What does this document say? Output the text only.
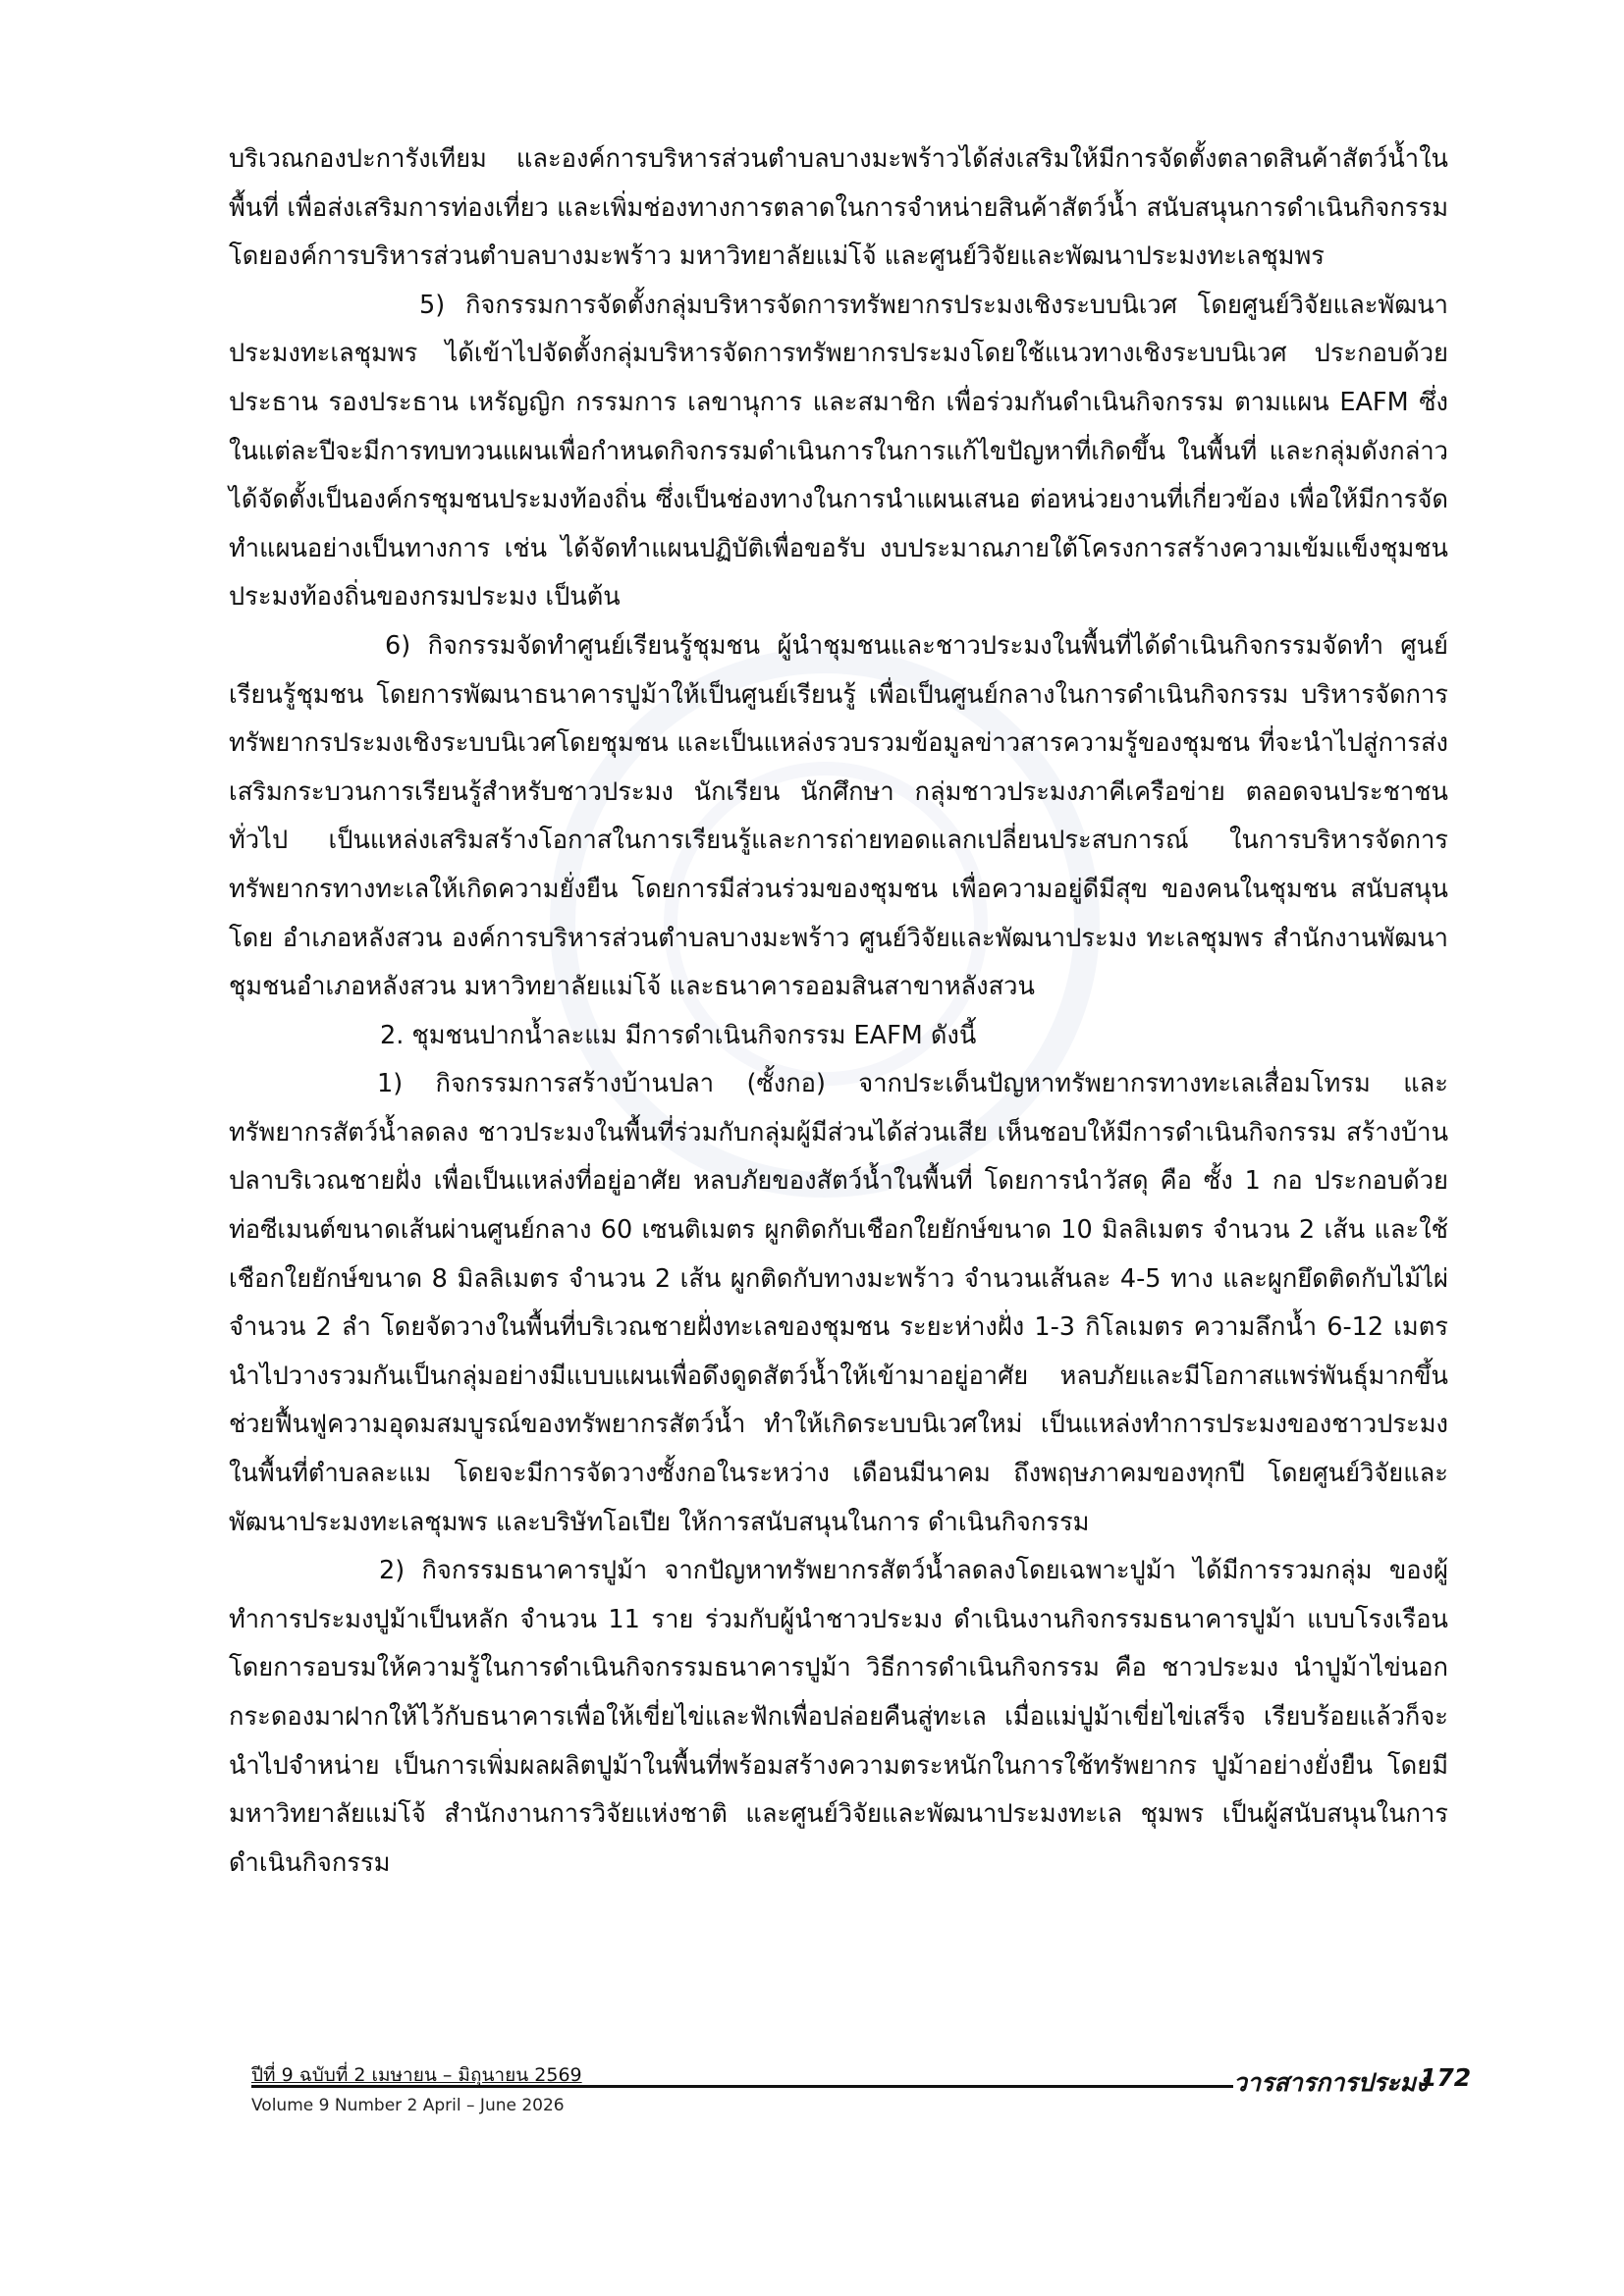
บริเวณกองปะการังเทียม และองค์การบริหารส่วนตำบลบางมะพร้าวได้ส่งเสริมให้มีการจัดตั้งตลาดสินค้าสัตว์น้ำในพื้นที่ เพื่อส่งเสริมการท่องเที่ยว และเพิ่มช่องทางการตลาดในการจำหน่ายสินค้าสัตว์น้ำ สนับสนุนการดำเนินกิจกรรมโดยองค์การบริหารส่วนตำบลบางมะพร้าว มหาวิทยาลัยแม่โจ้ และศูนย์วิจัยและพัฒนาประมงทะเลชุมพร

5) กิจกรรมการจัดตั้งกลุ่มบริหารจัดการทรัพยากรประมงเชิงระบบนิเวศ โดยศูนย์วิจัยและพัฒนาประมงทะเลชุมพร ได้เข้าไปจัดตั้งกลุ่มบริหารจัดการทรัพยากรประมงโดยใช้แนวทางเชิงระบบนิเวศ ประกอบด้วย ประธาน รองประธาน เหรัญญิก กรรมการ เลขานุการ และสมาชิก เพื่อร่วมกันดำเนินกิจกรรม ตามแผน EAFM ซึ่งในแต่ละปีจะมีการทบทวนแผนเพื่อกำหนดกิจกรรมดำเนินการในการแก้ไขปัญหาที่เกิดขึ้น ในพื้นที่ และกลุ่มดังกล่าวได้จัดตั้งเป็นองค์กรชุมชนประมงท้องถิ่น ซึ่งเป็นช่องทางในการนำแผนเสนอ ต่อหน่วยงานที่เกี่ยวข้อง เพื่อให้มีการจัดทำแผนอย่างเป็นทางการ เช่น ได้จัดทำแผนปฏิบัติเพื่อขอรับ งบประมาณภายใต้โครงการสร้างความเข้มแข็งชุมชนประมงท้องถิ่นของกรมประมง เป็นต้น

6) กิจกรรมจัดทำศูนย์เรียนรู้ชุมชน ผู้นำชุมชนและชาวประมงในพื้นที่ได้ดำเนินกิจกรรมจัดทำ ศูนย์เรียนรู้ชุมชน โดยการพัฒนาธนาคารปูม้าให้เป็นศูนย์เรียนรู้ เพื่อเป็นศูนย์กลางในการดำเนินกิจกรรม บริหารจัดการทรัพยากรประมงเชิงระบบนิเวศโดยชุมชน และเป็นแหล่งรวบรวมข้อมูลข่าวสารความรู้ของชุมชน ที่จะนำไปสู่การส่งเสริมกระบวนการเรียนรู้สำหรับชาวประมง นักเรียน นักศึกษา กลุ่มชาวประมงภาคีเครือข่าย ตลอดจนประชาชนทั่วไป เป็นแหล่งเสริมสร้างโอกาสในการเรียนรู้และการถ่ายทอดแลกเปลี่ยนประสบการณ์ ในการบริหารจัดการทรัพยากรทางทะเลให้เกิดความยั่งยืน โดยการมีส่วนร่วมของชุมชน เพื่อความอยู่ดีมีสุข ของคนในชุมชน สนับสนุนโดย อำเภอหลังสวน องค์การบริหารส่วนตำบลบางมะพร้าว ศูนย์วิจัยและพัฒนาประมง ทะเลชุมพร สำนักงานพัฒนาชุมชนอำเภอหลังสวน มหาวิทยาลัยแม่โจ้ และธนาคารออมสินสาขาหลังสวน

2. ชุมชนปากน้ำละแม มีการดำเนินกิจกรรม EAFM ดังนี้

1) กิจกรรมการสร้างบ้านปลา (ซั้งกอ) จากประเด็นปัญหาทรัพยากรทางทะเลเสื่อมโทรม และ ทรัพยากรสัตว์น้ำลดลง ชาวประมงในพื้นที่ร่วมกับกลุ่มผู้มีส่วนได้ส่วนเสีย เห็นชอบให้มีการดำเนินกิจกรรม สร้างบ้านปลาบริเวณชายฝั่ง เพื่อเป็นแหล่งที่อยู่อาศัย หลบภัยของสัตว์น้ำในพื้นที่ โดยการนำวัสดุ คือ ซั้ง 1 กอ ประกอบด้วย ท่อซีเมนต์ขนาดเส้นผ่านศูนย์กลาง 60 เซนติเมตร ผูกติดกับเชือกใยยักษ์ขนาด 10 มิลลิเมตร จำนวน 2 เส้น และใช้เชือกใยยักษ์ขนาด 8 มิลลิเมตร จำนวน 2 เส้น ผูกติดกับทางมะพร้าว จำนวนเส้นละ 4-5 ทาง และผูกยึดติดกับไม้ไผ่ จำนวน 2 ลำ โดยจัดวางในพื้นที่บริเวณชายฝั่งทะเลของชุมชน ระยะห่างฝั่ง 1-3 กิโลเมตร ความลึกน้ำ 6-12 เมตร นำไปวางรวมกันเป็นกลุ่มอย่างมีแบบแผนเพื่อดึงดูดสัตว์น้ำให้เข้ามาอยู่อาศัย หลบภัยและมีโอกาสแพร่พันธุ์มากขึ้น ช่วยฟื้นฟูความอุดมสมบูรณ์ของทรัพยากรสัตว์น้ำ ทำให้เกิดระบบนิเวศใหม่ เป็นแหล่งทำการประมงของชาวประมงในพื้นที่ตำบลละแม โดยจะมีการจัดวางซั้งกอในระหว่าง เดือนมีนาคม ถึงพฤษภาคมของทุกปี โดยศูนย์วิจัยและพัฒนาประมงทะเลชุมพร และบริษัทโอเปีย ให้การสนับสนุนในการ ดำเนินกิจกรรม

2) กิจกรรมธนาคารปูม้า จากปัญหาทรัพยากรสัตว์น้ำลดลงโดยเฉพาะปูม้า ได้มีการรวมกลุ่ม ของผู้ทำการประมงปูม้าเป็นหลัก จำนวน 11 ราย ร่วมกับผู้นำชาวประมง ดำเนินงานกิจกรรมธนาคารปูม้า แบบโรงเรือน โดยการอบรมให้ความรู้ในการดำเนินกิจกรรมธนาคารปูม้า วิธีการดำเนินกิจกรรม คือ ชาวประมง นำปูม้าไข่นอกกระดองมาฝากให้ไว้กับธนาคารเพื่อให้เขี่ยไข่และฟักเพื่อปล่อยคืนสู่ทะเล เมื่อแม่ปูม้าเขี่ยไข่เสร็จ เรียบร้อยแล้วก็จะนำไปจำหน่าย เป็นการเพิ่มผลผลิตปูม้าในพื้นที่พร้อมสร้างความตระหนักในการใช้ทรัพยากร ปูม้าอย่างยั่งยืน โดยมี มหาวิทยาลัยแม่โจ้ สำนักงานการวิจัยแห่งชาติ และศูนย์วิจัยและพัฒนาประมงทะเล ชุมพร เป็นผู้สนับสนุนในการดำเนินกิจกรรม

ปีที่ 9 ฉบับที่ 2 เมษายน – มิถุนายน 2569
Volume 9 Number 2 April – June 2026
วารสารการประมง
172
